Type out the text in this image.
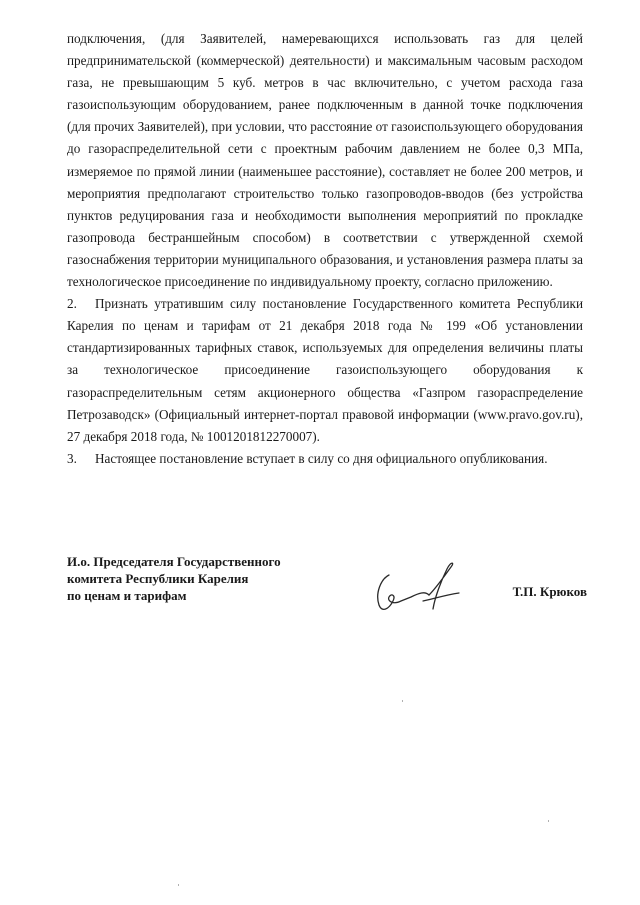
подключения, (для Заявителей, намеревающихся использовать газ для целей предпринимательской (коммерческой) деятельности) и максимальным часовым расходом газа, не превышающим 5 куб. метров в час включительно, с учетом расхода газа газоиспользующим оборудованием, ранее подключенным в данной точке подключения (для прочих Заявителей), при условии, что расстояние от газоиспользующего оборудования до газораспределительной сети с проектным рабочим давлением не более 0,3 МПа, измеряемое по прямой линии (наименьшее расстояние), составляет не более 200 метров, и мероприятия предполагают строительство только газопроводов-вводов (без устройства пунктов редуцирования газа и необходимости выполнения мероприятий по прокладке газопровода бестраншейным способом) в соответствии с утвержденной схемой газоснабжения территории муниципального образования, и установления размера платы за технологическое присоединение по индивидуальному проекту, согласно приложению.

2. Признать утратившим силу постановление Государственного комитета Республики Карелия по ценам и тарифам от 21 декабря 2018 года № 199 «Об установлении стандартизированных тарифных ставок, используемых для определения величины платы за технологическое присоединение газоиспользующего оборудования к газораспределительным сетям акционерного общества «Газпром газораспределение Петрозаводск» (Официальный интернет-портал правовой информации (www.pravo.gov.ru), 27 декабря 2018 года, № 1001201812270007).

3. Настоящее постановление вступает в силу со дня официального опубликования.

И.о. Председателя Государственного

комитета Республики Карелия

по ценам и тарифам	Т.П. Крюков
